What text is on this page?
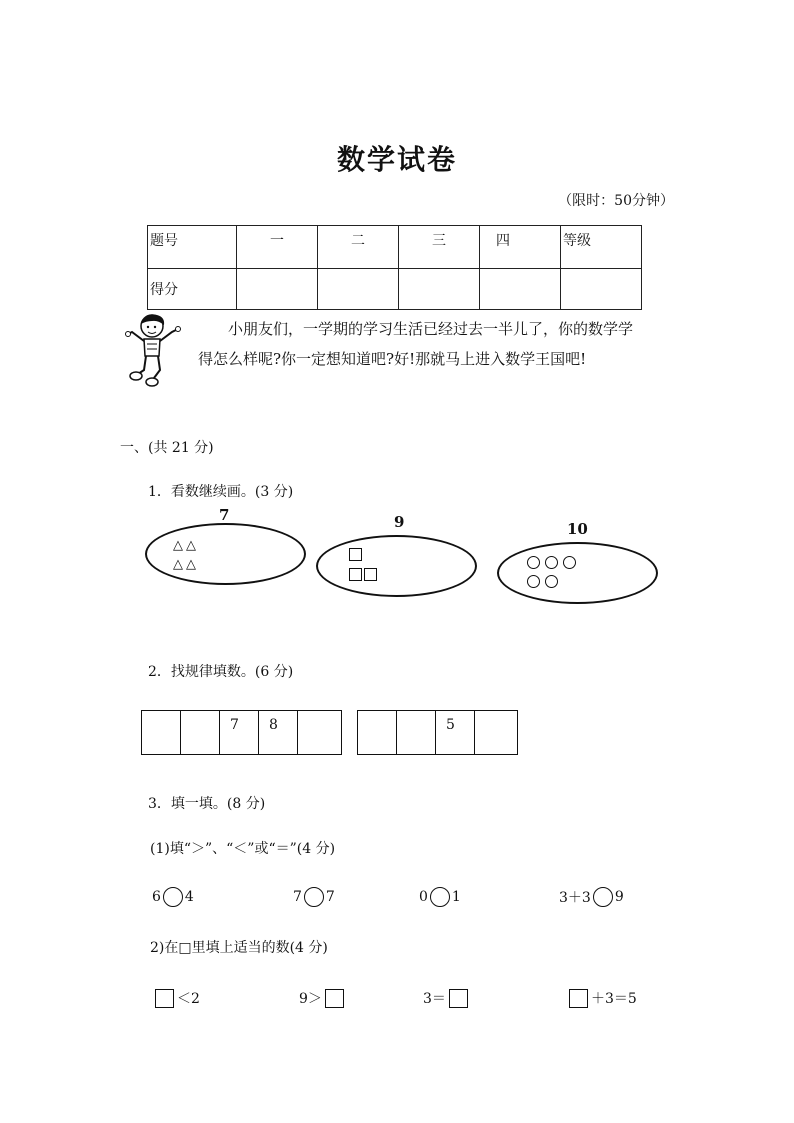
数学试卷
（限时：50分钟）
题号	一	二	三	四	等级
得分					
小朋友们，一学期的学习生活已经过去一半儿了，你的数学学
得怎么样呢?你一定想知道吧?好!那就马上进入数学王国吧!
一、(共 21 分)
1．看数继续画。(3 分)
7
△△
△△
9	10
2．找规律填数。(6 分)
7	8	5
3．填一填。(8 分)
(1)填“＞”、“＜”或“＝”(4 分)
6 4	7 7	0 1	3＋3 9
2)在□里填上适当的数(4 分)
＜2	9＞	3＝	＋3＝5
